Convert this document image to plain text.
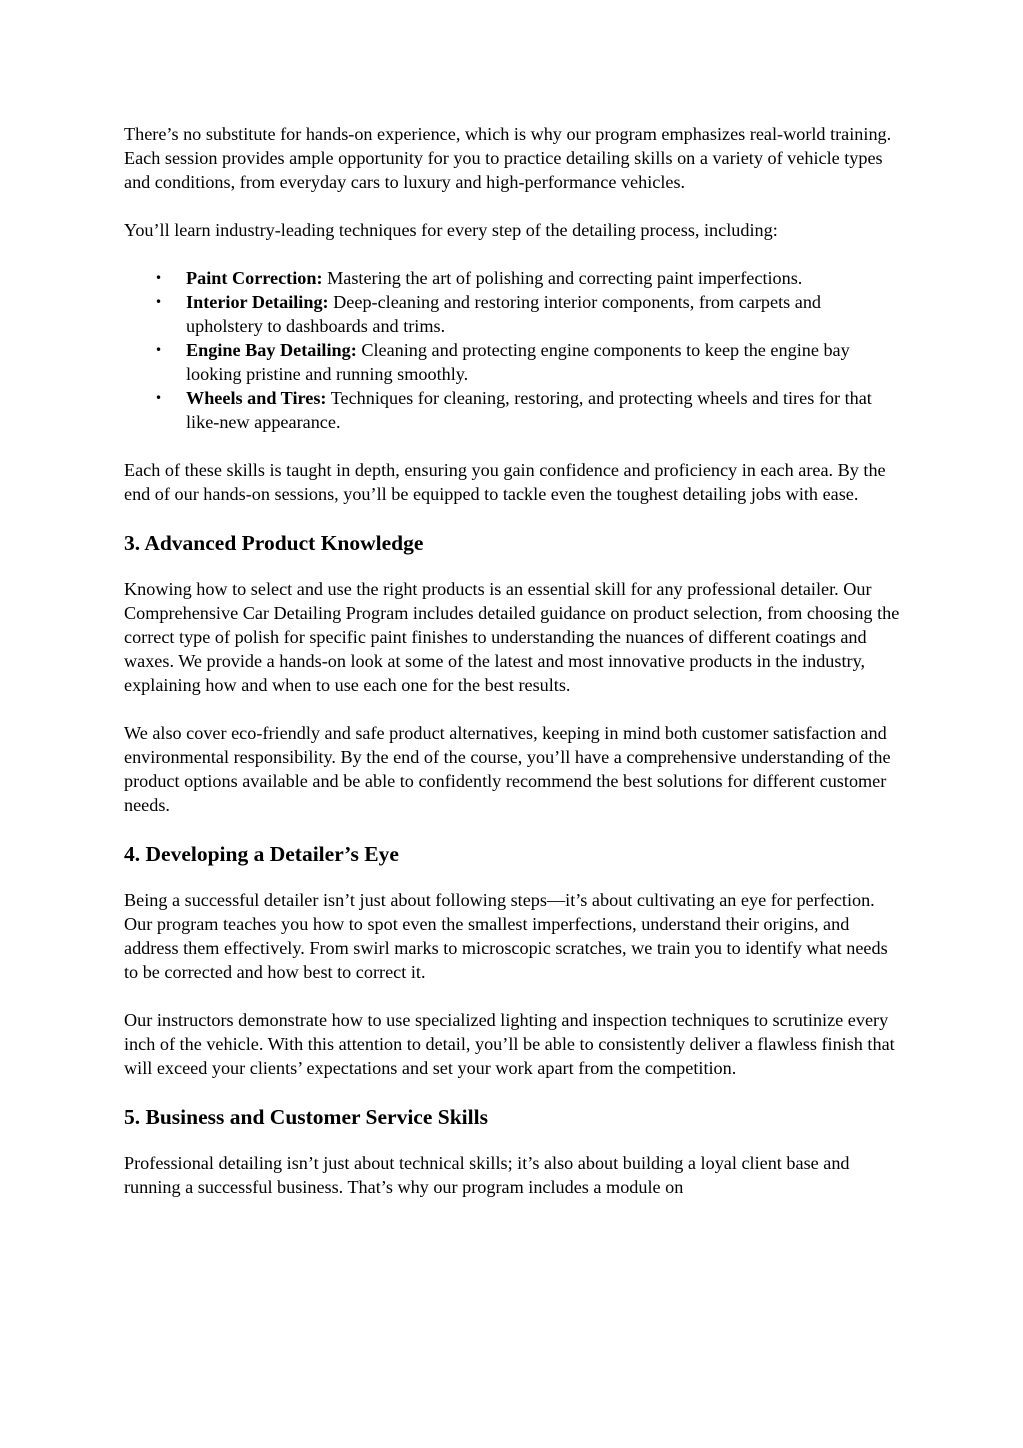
There’s no substitute for hands-on experience, which is why our program emphasizes real-world training. Each session provides ample opportunity for you to practice detailing skills on a variety of vehicle types and conditions, from everyday cars to luxury and high-performance vehicles.

You’ll learn industry-leading techniques for every step of the detailing process, including:

• Paint Correction: Mastering the art of polishing and correcting paint imperfections.
• Interior Detailing: Deep-cleaning and restoring interior components, from carpets and upholstery to dashboards and trims.
• Engine Bay Detailing: Cleaning and protecting engine components to keep the engine bay looking pristine and running smoothly.
• Wheels and Tires: Techniques for cleaning, restoring, and protecting wheels and tires for that like-new appearance.

Each of these skills is taught in depth, ensuring you gain confidence and proficiency in each area. By the end of our hands-on sessions, you’ll be equipped to tackle even the toughest detailing jobs with ease.

3. Advanced Product Knowledge

Knowing how to select and use the right products is an essential skill for any professional detailer. Our Comprehensive Car Detailing Program includes detailed guidance on product selection, from choosing the correct type of polish for specific paint finishes to understanding the nuances of different coatings and waxes. We provide a hands-on look at some of the latest and most innovative products in the industry, explaining how and when to use each one for the best results.

We also cover eco-friendly and safe product alternatives, keeping in mind both customer satisfaction and environmental responsibility. By the end of the course, you’ll have a comprehensive understanding of the product options available and be able to confidently recommend the best solutions for different customer needs.

4. Developing a Detailer’s Eye

Being a successful detailer isn’t just about following steps—it’s about cultivating an eye for perfection. Our program teaches you how to spot even the smallest imperfections, understand their origins, and address them effectively. From swirl marks to microscopic scratches, we train you to identify what needs to be corrected and how best to correct it.

Our instructors demonstrate how to use specialized lighting and inspection techniques to scrutinize every inch of the vehicle. With this attention to detail, you’ll be able to consistently deliver a flawless finish that will exceed your clients’ expectations and set your work apart from the competition.

5. Business and Customer Service Skills

Professional detailing isn’t just about technical skills; it’s also about building a loyal client base and running a successful business. That’s why our program includes a module on
